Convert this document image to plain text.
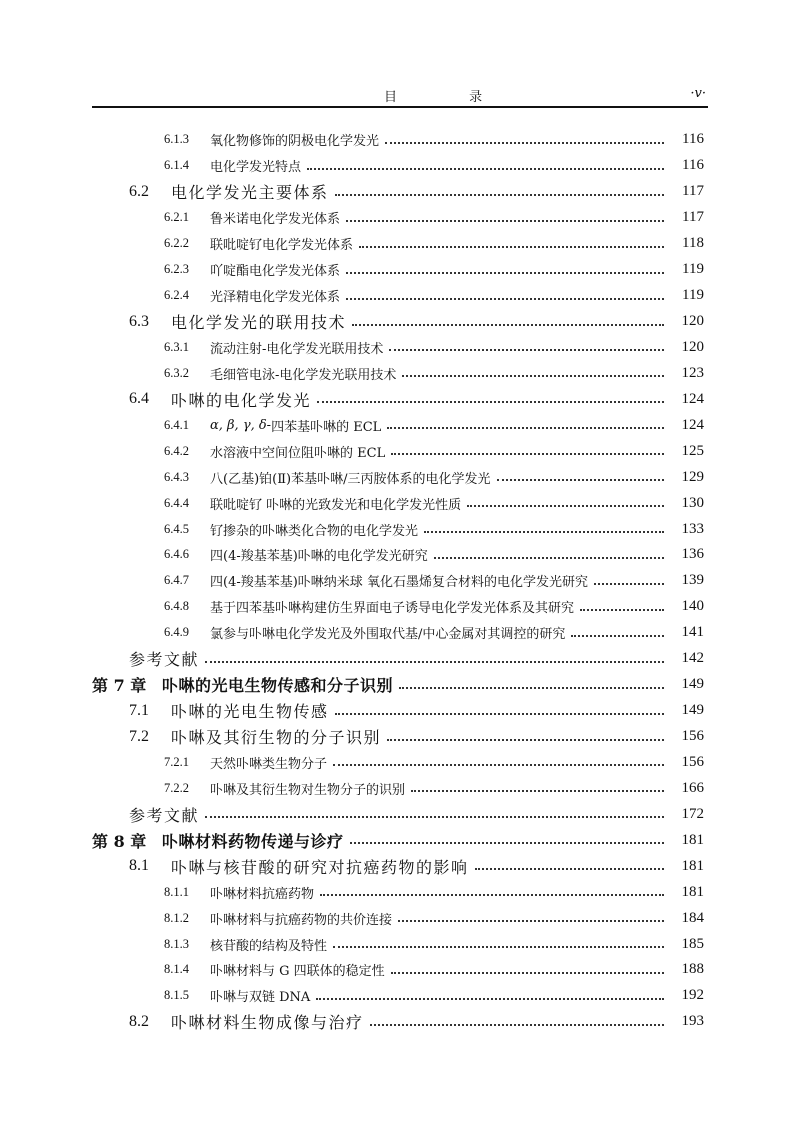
目 录	·v·
6.1.3	氧化物修饰的阴极电化学发光	116
6.1.4	电化学发光特点	116
6.2	电化学发光主要体系	117
6.2.1	鲁米诺电化学发光体系	117
6.2.2	联吡啶钌电化学发光体系	118
6.2.3	吖啶酯电化学发光体系	119
6.2.4	光泽精电化学发光体系	119
6.3	电化学发光的联用技术	120
6.3.1	流动注射-电化学发光联用技术	120
6.3.2	毛细管电泳-电化学发光联用技术	123
6.4	卟啉的电化学发光	124
6.4.1	α, β, γ, δ- 四苯基卟啉的 ECL	124
6.4.2	水溶液中空间位阻卟啉的 ECL	125
6.4.3	八(乙基)铂(Ⅱ)苯基卟啉/三丙胺体系的电化学发光	129
6.4.4	联吡啶钌 卟啉的光致发光和电化学发光性质	130
6.4.5	钌掺杂的卟啉类化合物的电化学发光	133
6.4.6	四(4-羧基苯基)卟啉的电化学发光研究	136
6.4.7	四(4-羧基苯基)卟啉纳米球 氧化石墨烯复合材料的电化学发光研究	139
6.4.8	基于四苯基卟啉构建仿生界面电子诱导电化学发光体系及其研究	140
6.4.9	氯参与卟啉电化学发光及外围取代基/中心金属对其调控的研究	141
参考文献	142
第 7 章 卟啉的光电生物传感和分子识别	149
7.1	卟啉的光电生物传感	149
7.2	卟啉及其衍生物的分子识别	156
7.2.1	天然卟啉类生物分子	156
7.2.2	卟啉及其衍生物对生物分子的识别	166
参考文献	172
第 8 章 卟啉材料药物传递与诊疗	181
8.1	卟啉与核苷酸的研究对抗癌药物的影响	181
8.1.1	卟啉材料抗癌药物	181
8.1.2	卟啉材料与抗癌药物的共价连接	184
8.1.3	核苷酸的结构及特性	185
8.1.4	卟啉材料与 G 四联体的稳定性	188
8.1.5	卟啉与双链 DNA	192
8.2	卟啉材料生物成像与治疗	193
